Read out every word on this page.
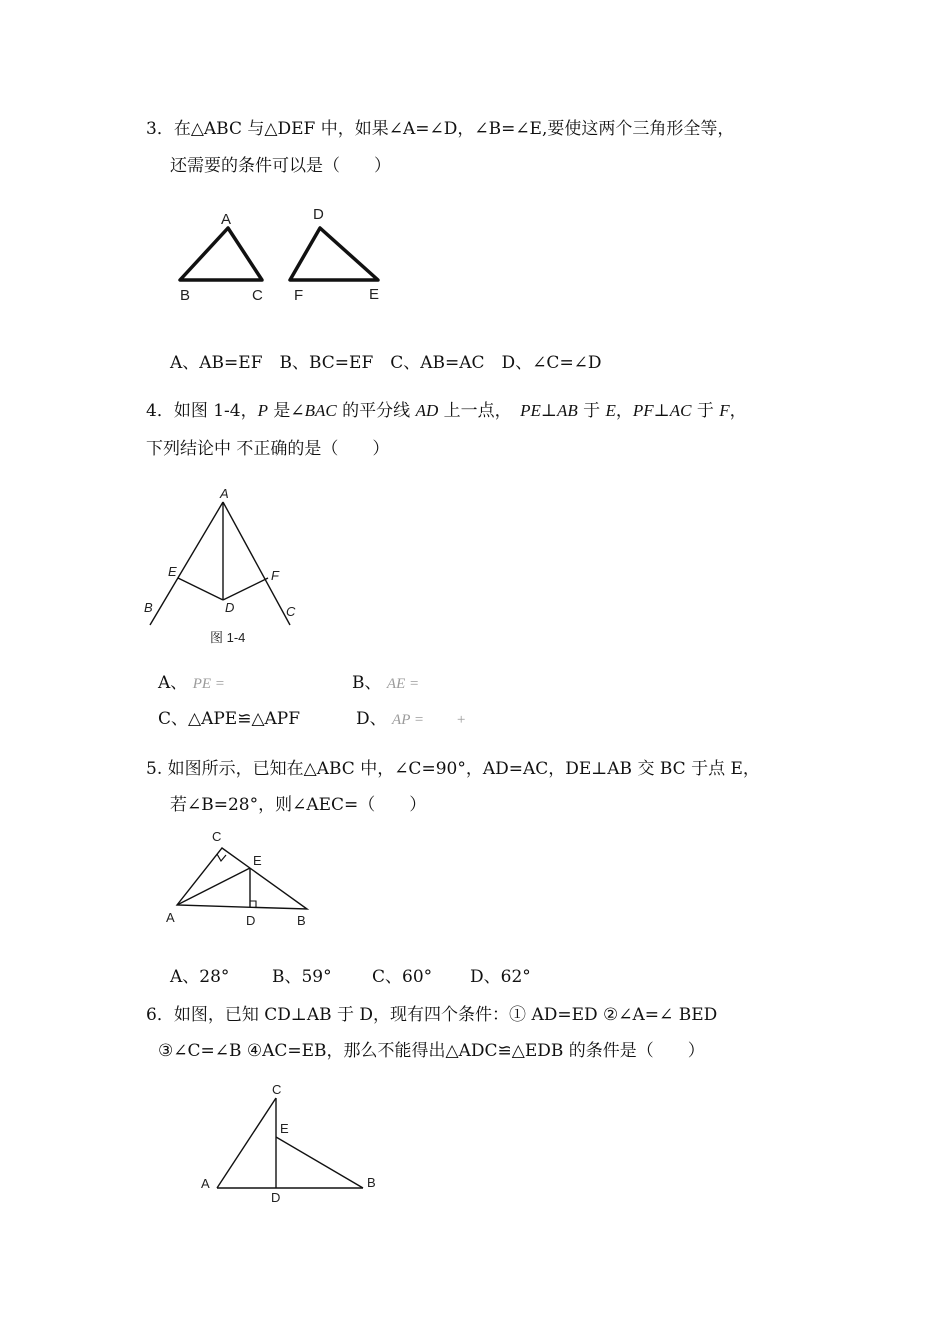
3．在△ABC 与△DEF 中，如果∠A=∠D，∠B=∠E,要使这两个三角形全等，
还需要的条件可以是（　　）
A
B	C
D
F	E
A、AB=EF　B、BC=EF　C、AB=AC　D、∠C=∠D
4．如图 1-4，P 是∠BAC 的平分线 AD 上一点，　PE⊥AB 于 E，PF⊥AC 于 F，
下列结论中 不正确的是（　　）
A
E	F
B	C
D
图 1-4
A、 PE =	B、 AE =
C、△APE≌△APF	D、 AP = +
5. 如图所示，已知在△ABC 中，∠C=90°，AD=AC，DE⊥AB 交 BC 于点 E，
若∠B=28°，则∠AEC=（　　）
C
E
A	D	B
A、28°	B、59° C、60° D、62°
6．如图，已知 CD⊥AB 于 D，现有四个条件：① AD=ED ②∠A=∠ BED
③∠C=∠B ④AC=EB，那么不能得出△ADC≌△EDB 的条件是（　　）
C
E
A
D
B
